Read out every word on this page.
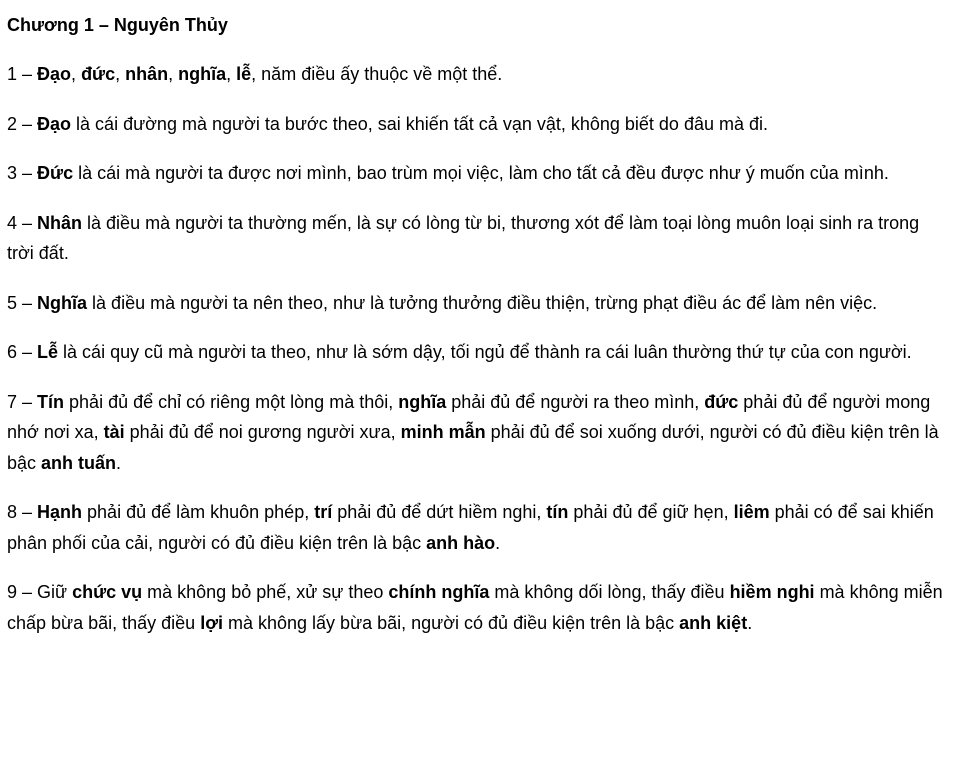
Chương 1 – Nguyên Thủy

1 – Đạo, đức, nhân, nghĩa, lễ, năm điều ấy thuộc về một thể.

2 – Đạo là cái đường mà người ta bước theo, sai khiến tất cả vạn vật, không biết do đâu mà đi.

3 – Đức là cái mà người ta được nơi mình, bao trùm mọi việc, làm cho tất cả đều được như ý muốn của mình.

4 – Nhân là điều mà người ta thường mến, là sự có lòng từ bi, thương xót để làm toại lòng muôn loại sinh ra trong trời đất.

5 – Nghĩa là điều mà người ta nên theo, như là tưởng thưởng điều thiện, trừng phạt điều ác để làm nên việc.

6 – Lễ là cái quy cũ mà người ta theo, như là sớm dậy, tối ngủ để thành ra cái luân thường thứ tự của con người.

7 – Tín phải đủ để chỉ có riêng một lòng mà thôi, nghĩa phải đủ để người ra theo mình, đức phải đủ để người mong nhớ nơi xa, tài phải đủ để noi gương người xưa, minh mẫn phải đủ để soi xuống dưới, người có đủ điều kiện trên là bậc anh tuấn.

8 – Hạnh phải đủ để làm khuôn phép, trí phải đủ để dứt hiềm nghi, tín phải đủ để giữ hẹn, liêm phải có để sai khiến phân phối của cải, người có đủ điều kiện trên là bậc anh hào.

9 – Giữ chức vụ mà không bỏ phế, xử sự theo chính nghĩa mà không dối lòng, thấy điều hiềm nghi mà không miễn chấp bừa bãi, thấy điều lợi mà không lấy bừa bãi, người có đủ điều kiện trên là bậc anh kiệt.
